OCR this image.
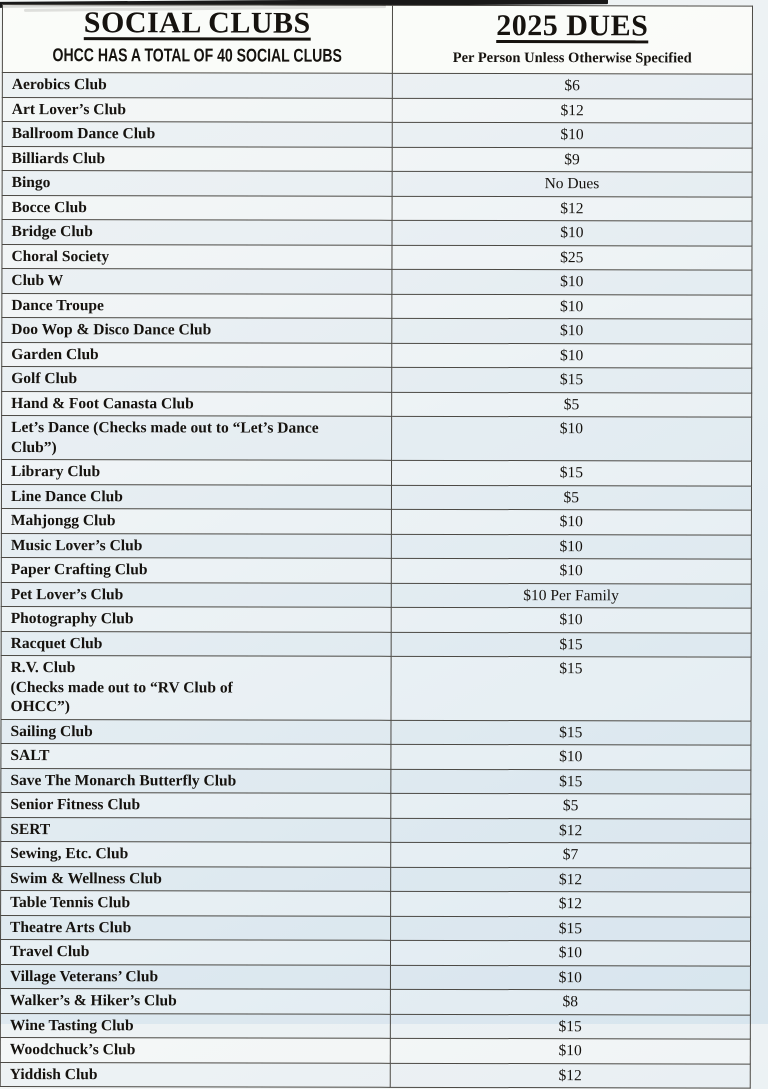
SOCIAL CLUBS
OHCC HAS A TOTAL OF 40 SOCIAL CLUBS	2025 DUES
Per Person Unless Otherwise Specified

Aerobics Club	$6
Art Lover’s Club	$12
Ballroom Dance Club	$10
Billiards Club	$9
Bingo	No Dues
Bocce Club	$12
Bridge Club	$10
Choral Society	$25
Club W	$10
Dance Troupe	$10
Doo Wop & Disco Dance Club	$10
Garden Club	$10
Golf Club	$15
Hand & Foot Canasta Club	$5
Let’s Dance (Checks made out to “Let’s Dance
Club”)	$10
Library Club	$15
Line Dance Club	$5
Mahjongg Club	$10
Music Lover’s Club	$10
Paper Crafting Club	$10
Pet Lover’s Club	$10 Per Family
Photography Club	$10
Racquet Club	$15
R.V. Club
(Checks made out to “RV Club of
OHCC”)	$15
Sailing Club	$15
SALT	$10
Save The Monarch Butterfly Club	$15
Senior Fitness Club	$5
SERT	$12
Sewing, Etc. Club	$7
Swim & Wellness Club	$12
Table Tennis Club	$12
Theatre Arts Club	$15
Travel Club	$10
Village Veterans’ Club	$10
Walker’s & Hiker’s Club	$8
Wine Tasting Club	$15
Woodchuck’s Club	$10
Yiddish Club	$12
